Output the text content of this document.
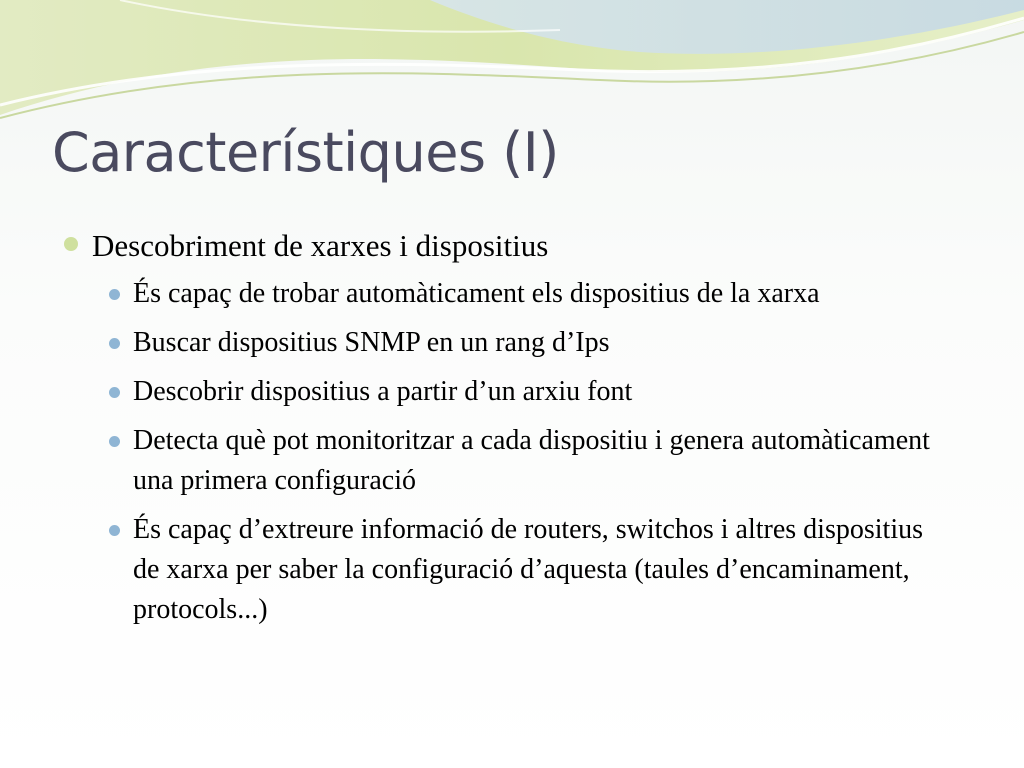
Característiques (I)
Descobriment de xarxes i dispositius
És capaç de trobar automàticament els dispositius de la xarxa
Buscar dispositius SNMP en un rang d’Ips
Descobrir dispositius a partir d’un arxiu font
Detecta què pot monitoritzar a cada dispositiu i genera automàticament una primera configuració
És capaç d’extreure informació de routers, switchos i altres dispositius de xarxa per saber la configuració d’aquesta (taules d’encaminament, protocols...)
